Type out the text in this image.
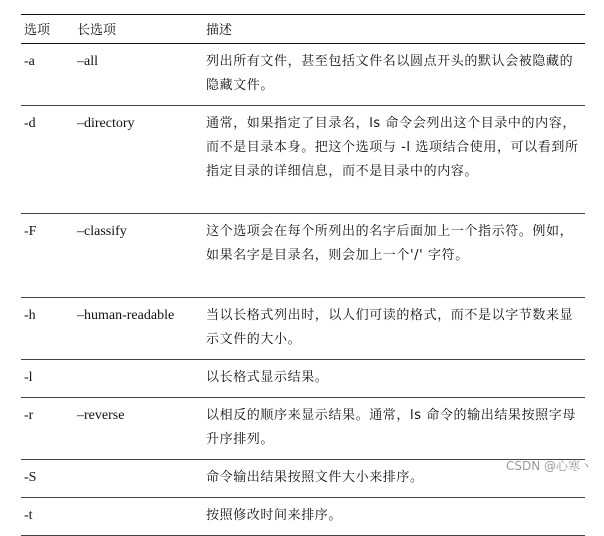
选项	长选项	描述
-a	–all	列出所有文件，甚至包括文件名以圆点开头的默认会被隐藏的隐藏文件。
-d	–directory	通常，如果指定了目录名，ls 命令会列出这个目录中的内容，而不是目录本身。把这个选项与 -l 选项结合使用，可以看到所指定目录的详细信息，而不是目录中的内容。
-F	–classify	这个选项会在每个所列出的名字后面加上一个指示符。例如，如果名字是目录名，则会加上一个'/' 字符。
-h	–human-readable	当以长格式列出时，以人们可读的格式，而不是以字节数来显示文件的大小。
-l		以长格式显示结果。
-r	–reverse	以相反的顺序来显示结果。通常，ls 命令的输出结果按照字母升序排列。
-S		命令输出结果按照文件大小来排序。
-t		按照修改时间来排序。
CSDN @心寒丶
